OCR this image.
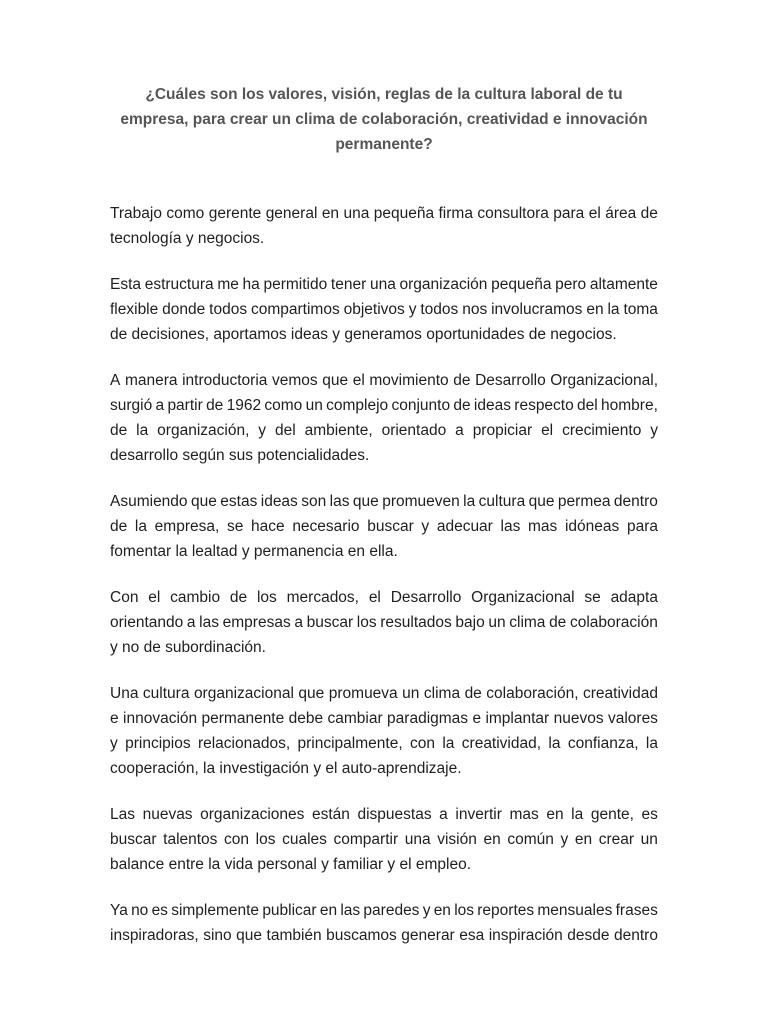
¿Cuáles son los valores, visión, reglas de la cultura laboral de tu
empresa, para crear un clima de colaboración, creatividad e innovación
permanente?

Trabajo como gerente general en una pequeña firma consultora para el área de
tecnología y negocios.

Esta estructura me ha permitido tener una organización pequeña pero altamente
flexible donde todos compartimos objetivos y todos nos involucramos en la toma
de decisiones, aportamos ideas y generamos oportunidades de negocios.

A manera introductoria vemos que el movimiento de Desarrollo Organizacional,
surgió a partir de 1962 como un complejo conjunto de ideas respecto del hombre,
de la organización, y del ambiente, orientado a propiciar el crecimiento y
desarrollo según sus potencialidades.

Asumiendo que estas ideas son las que promueven la cultura que permea dentro
de la empresa, se hace necesario buscar y adecuar las mas idóneas para
fomentar la lealtad y permanencia en ella.

Con el cambio de los mercados, el Desarrollo Organizacional se adapta
orientando a las empresas a buscar los resultados bajo un clima de colaboración
y no de subordinación.

Una cultura organizacional que promueva un clima de colaboración, creatividad
e innovación permanente debe cambiar paradigmas e implantar nuevos valores
y principios relacionados, principalmente, con la creatividad, la confianza, la
cooperación, la investigación y el auto-aprendizaje.

Las nuevas organizaciones están dispuestas a invertir mas en la gente, es
buscar talentos con los cuales compartir una visión en común y en crear un
balance entre la vida personal y familiar y el empleo.

Ya no es simplemente publicar en las paredes y en los reportes mensuales frases
inspiradoras, sino que también buscamos generar esa inspiración desde dentro
